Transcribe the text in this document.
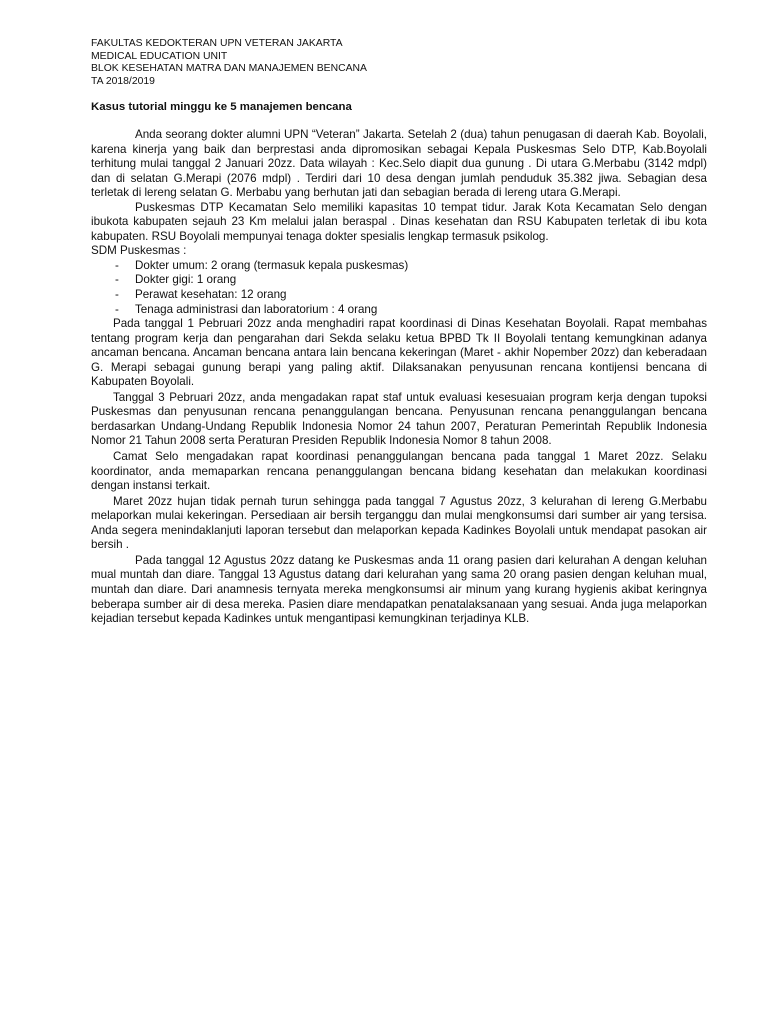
FAKULTAS KEDOKTERAN UPN VETERAN JAKARTA
MEDICAL EDUCATION UNIT
BLOK KESEHATAN MATRA DAN MANAJEMEN BENCANA
TA 2018/2019
Kasus tutorial minggu ke 5 manajemen bencana

Anda seorang dokter alumni UPN “Veteran” Jakarta. Setelah 2 (dua) tahun penugasan di daerah Kab. Boyolali, karena kinerja yang baik dan berprestasi anda dipromosikan sebagai Kepala Puskesmas Selo DTP, Kab.Boyolali terhitung mulai tanggal 2 Januari 20zz. Data wilayah : Kec.Selo diapit dua gunung . Di utara G.Merbabu (3142 mdpl) dan di selatan G.Merapi (2076 mdpl) . Terdiri dari 10 desa dengan jumlah penduduk 35.382 jiwa. Sebagian desa terletak di lereng selatan G. Merbabu yang berhutan jati dan sebagian berada di lereng utara G.Merapi.

Puskesmas DTP Kecamatan Selo memiliki kapasitas 10 tempat tidur. Jarak Kota Kecamatan Selo dengan ibukota kabupaten sejauh 23 Km melalui jalan beraspal . Dinas kesehatan dan RSU Kabupaten terletak di ibu kota kabupaten. RSU Boyolali mempunyai tenaga dokter spesialis lengkap termasuk psikolog.

SDM Puskesmas :
-	Dokter umum: 2 orang (termasuk kepala puskesmas)
-	Dokter gigi: 1 orang
-	Perawat kesehatan: 12 orang
-	Tenaga administrasi dan laboratorium : 4 orang

Pada tanggal 1 Pebruari 20zz anda menghadiri rapat koordinasi di Dinas Kesehatan Boyolali. Rapat membahas tentang program kerja dan pengarahan dari Sekda selaku ketua BPBD Tk II Boyolali tentang kemungkinan adanya ancaman bencana. Ancaman bencana antara lain bencana kekeringan (Maret - akhir Nopember 20zz) dan keberadaan G. Merapi sebagai gunung berapi yang paling aktif. Dilaksanakan penyusunan rencana kontijensi bencana di Kabupaten Boyolali.

Tanggal 3 Pebruari 20zz, anda mengadakan rapat staf untuk evaluasi kesesuaian program kerja dengan tupoksi Puskesmas dan penyusunan rencana penanggulangan bencana. Penyusunan rencana penanggulangan bencana berdasarkan Undang-Undang Republik Indonesia Nomor 24 tahun 2007, Peraturan Pemerintah Republik Indonesia Nomor 21 Tahun 2008 serta Peraturan Presiden Republik Indonesia Nomor 8 tahun 2008.

Camat Selo mengadakan rapat koordinasi penanggulangan bencana pada tanggal 1 Maret 20zz. Selaku koordinator, anda memaparkan rencana penanggulangan bencana bidang kesehatan dan melakukan koordinasi dengan instansi terkait.

Maret 20zz hujan tidak pernah turun sehingga pada tanggal 7 Agustus 20zz, 3 kelurahan di lereng G.Merbabu melaporkan mulai kekeringan. Persediaan air bersih terganggu dan mulai mengkonsumsi dari sumber air yang tersisa. Anda segera menindaklanjuti laporan tersebut dan melaporkan kepada Kadinkes Boyolali untuk mendapat pasokan air bersih .

Pada tanggal 12 Agustus 20zz datang ke Puskesmas anda 11 orang pasien dari kelurahan A dengan keluhan mual muntah dan diare. Tanggal 13 Agustus datang dari kelurahan yang sama 20 orang pasien dengan keluhan mual, muntah dan diare. Dari anamnesis ternyata mereka mengkonsumsi air minum yang kurang hygienis akibat keringnya beberapa sumber air di desa mereka. Pasien diare mendapatkan penatalaksanaan yang sesuai. Anda juga melaporkan kejadian tersebut kepada Kadinkes untuk mengantipasi kemungkinan terjadinya KLB.
